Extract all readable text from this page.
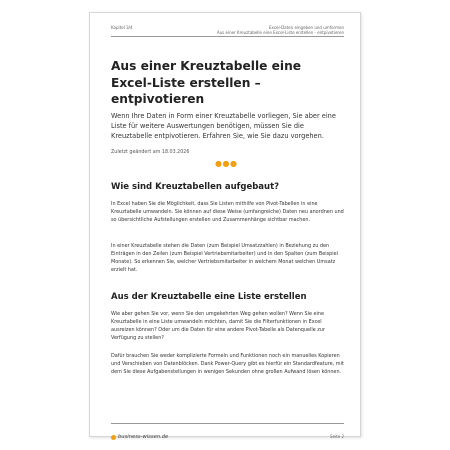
Kapitel 3/4	Excel-Daten eingeben und umformen
Aus einer Kreuztabelle eine Excel-Liste erstellen - entpivotieren
Aus einer Kreuztabelle eine Excel-Liste erstellen – entpivotieren

Wenn Ihre Daten in Form einer Kreuztabelle vorliegen, Sie aber eine Liste für weitere Auswertungen benötigen, müssen Sie die Kreuztabelle entpivotieren. Erfahren Sie, wie Sie dazu vorgehen.

Zuletzt geändert am 18.03.2026
●●●
Wie sind Kreuztabellen aufgebaut?

In Excel haben Sie die Möglichkeit, dass Sie Listen mithilfe von Pivot-Tabellen in eine Kreuztabelle umwandeln. Sie können auf diese Weise (umfangreiche) Daten neu anordnen und so übersichtliche Aufstellungen erstellen und Zusammenhänge sichtbar machen.

In einer Kreuztabelle stehen die Daten (zum Beispiel Umsatzzahlen) in Beziehung zu den Einträgen in den Zeilen (zum Beispiel Vertriebsmitarbeiter) und in den Spalten (zum Beispiel Monate). So erkennen Sie, welcher Vertriebsmitarbeiter in welchem Monat welchen Umsatz erzielt hat.

Aus der Kreuztabelle eine Liste erstellen

Wie aber gehen Sie vor, wenn Sie den umgekehrten Weg gehen wollen? Wenn Sie eine Kreuztabelle in eine Liste umwandeln möchten, damit Sie die Filterfunktionen in Excel ausreizen können? Oder um die Daten für eine andere Pivot-Tabelle als Datenquelle zur Verfügung zu stellen?

Dafür brauchen Sie weder komplizierte Formeln und Funktionen noch ein manuelles Kopieren und Verschieben von Datenblöcken. Dank Power-Query gibt es hierfür ein Standardfeature, mit dem Sie diese Aufgabenstellungen in wenigen Sekunden ohne großen Aufwand lösen können.

business-wissen.de	Seite 2
